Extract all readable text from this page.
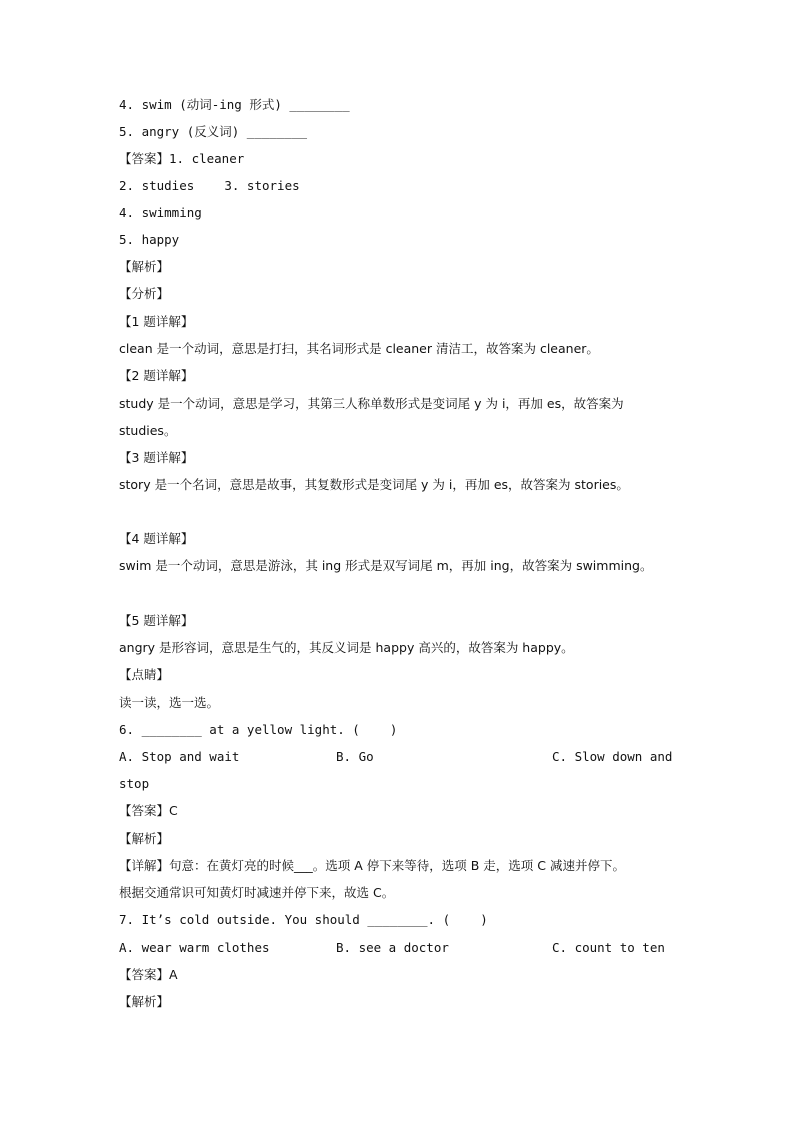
4. swim (动词-ing 形式) ________
5. angry (反义词) ________
【答案】1. cleaner
2. studies    3. stories
4. swimming
5. happy
【解析】
【分析】
【1 题详解】
clean 是一个动词，意思是打扫，其名词形式是 cleaner 清洁工，故答案为 cleaner。
【2 题详解】
study 是一个动词，意思是学习，其第三人称单数形式是变词尾 y 为 i，再加 es，故答案为
studies。
【3 题详解】
story 是一个名词，意思是故事，其复数形式是变词尾 y 为 i，再加 es，故答案为 stories。
【4 题详解】
swim 是一个动词，意思是游泳，其 ing 形式是双写词尾 m，再加 ing，故答案为 swimming。
【5 题详解】
angry 是形容词，意思是生气的，其反义词是 happy 高兴的，故答案为 happy。
【点睛】
读一读，选一选。
6. ________ at a yellow light. (    )
A. Stop and wait	B. Go	C. Slow down and
stop
【答案】C
【解析】
【详解】句意：在黄灯亮的时候___。选项 A 停下来等待，选项 B 走，选项 C 减速并停下。
根据交通常识可知黄灯时减速并停下来，故选 C。
7. It’s cold outside. You should ________. (    )
A. wear warm clothes	B. see a doctor	C. count to ten
【答案】A
【解析】
